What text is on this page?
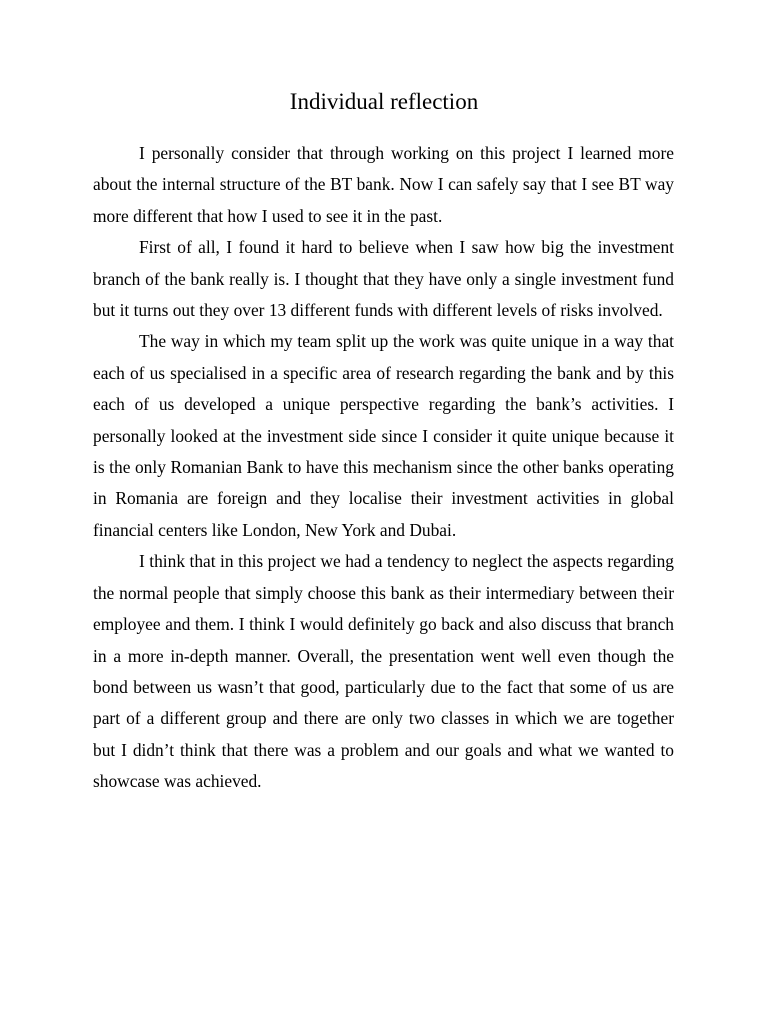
Individual reflection

I personally consider that through working on this project I learned more about the internal structure of the BT bank. Now I can safely say that I see BT way more different that how I used to see it in the past.

First of all, I found it hard to believe when I saw how big the investment branch of the bank really is. I thought that they have only a single investment fund but it turns out they over 13 different funds with different levels of risks involved.

The way in which my team split up the work was quite unique in a way that each of us specialised in a specific area of research regarding the bank and by this each of us developed a unique perspective regarding the bank’s activities. I personally looked at the investment side since I consider it quite unique because it is the only Romanian Bank to have this mechanism since the other banks operating in Romania are foreign and they localise their investment activities in global financial centers like London, New York and Dubai.

I think that in this project we had a tendency to neglect the aspects regarding the normal people that simply choose this bank as their intermediary between their employee and them. I think I would definitely go back and also discuss that branch in a more in-depth manner. Overall, the presentation went well even though the bond between us wasn’t that good, particularly due to the fact that some of us are part of a different group and there are only two classes in which we are together but I didn’t think that there was a problem and our goals and what we wanted to showcase was achieved.
